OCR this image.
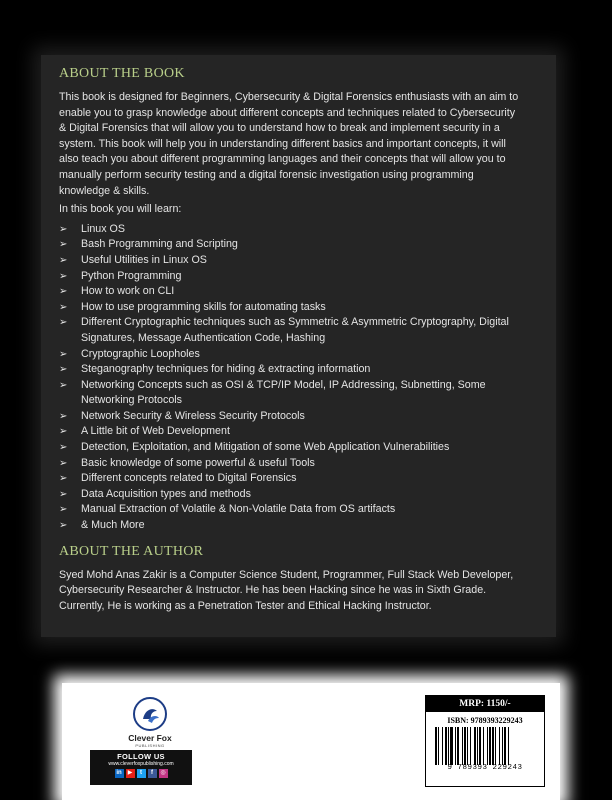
ABOUT THE BOOK
This book is designed for Beginners, Cybersecurity & Digital Forensics enthusiasts with an aim to
enable you to grasp knowledge about different concepts and techniques related to Cybersecurity
& Digital Forensics that will allow you to understand how to break and implement security in a
system. This book will help you in understanding different basics and important concepts, it will
also teach you about different programming languages and their concepts that will allow you to
manually perform security testing and a digital forensic investigation using programming
knowledge & skills.
In this book you will learn:
➢ Linux OS
➢ Bash Programming and Scripting
➢ Useful Utilities in Linux OS
➢ Python Programming
➢ How to work on CLI
➢ How to use programming skills for automating tasks
➢ Different Cryptographic techniques such as Symmetric & Asymmetric Cryptography, Digital
Signatures, Message Authentication Code, Hashing
➢ Cryptographic Loopholes
➢ Steganography techniques for hiding & extracting information
➢ Networking Concepts such as OSI & TCP/IP Model, IP Addressing, Subnetting, Some
Networking Protocols
➢ Network Security & Wireless Security Protocols
➢ A Little bit of Web Development
➢ Detection, Exploitation, and Mitigation of some Web Application Vulnerabilities
➢ Basic knowledge of some powerful & useful Tools
➢ Different concepts related to Digital Forensics
➢ Data Acquisition types and methods
➢ Manual Extraction of Volatile & Non-Volatile Data from OS artifacts
➢ & Much More
ABOUT THE AUTHOR
Syed Mohd Anas Zakir is a Computer Science Student, Programmer, Full Stack Web Developer,
Cybersecurity Researcher & Instructor. He has been Hacking since he was in Sixth Grade.
Currently, He is working as a Penetration Tester and Ethical Hacking Instructor.
Clever Fox
PUBLISHING
FOLLOW US
www.cleverfoxpublishing.com
in	▶	t	f	◎
MRP: 1150/-
ISBN: 9789393229243
9 789393 229243
